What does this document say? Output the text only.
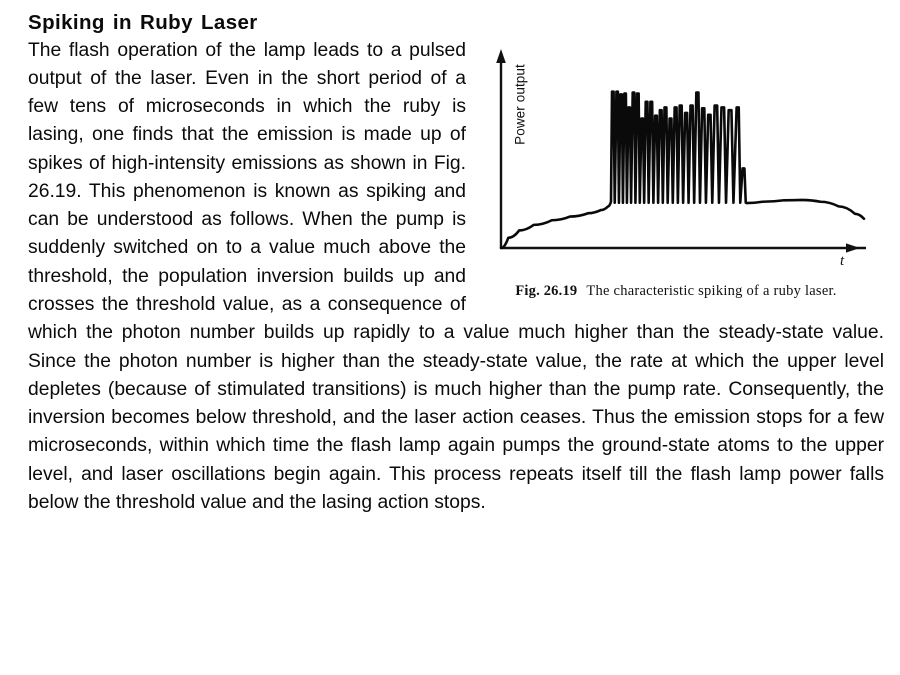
Spiking in Ruby Laser
Power output
t
Fig. 26.19 The characteristic spiking of a ruby laser.

The flash operation of the lamp leads to a pulsed output of the laser. Even in the short period of a few tens of microseconds in which the ruby is lasing, one finds that the emission is made up of spikes of high-intensity emissions as shown in Fig. 26.19. This phenomenon is known as spiking and can be understood as follows. When the pump is suddenly switched on to a value much above the threshold, the population inversion builds up and crosses the threshold value, as a consequence of which the photon number builds up rapidly to a value much higher than the steady-state value. Since the photon number is higher than the steady-state value, the rate at which the upper level depletes (because of stimulated transitions) is much higher than the pump rate. Consequently, the inversion becomes below threshold, and the laser action ceases. Thus the emission stops for a few microseconds, within which time the flash lamp again pumps the ground-state atoms to the upper level, and laser oscillations begin again. This process repeats itself till the flash lamp power falls below the threshold value and the lasing action stops.
